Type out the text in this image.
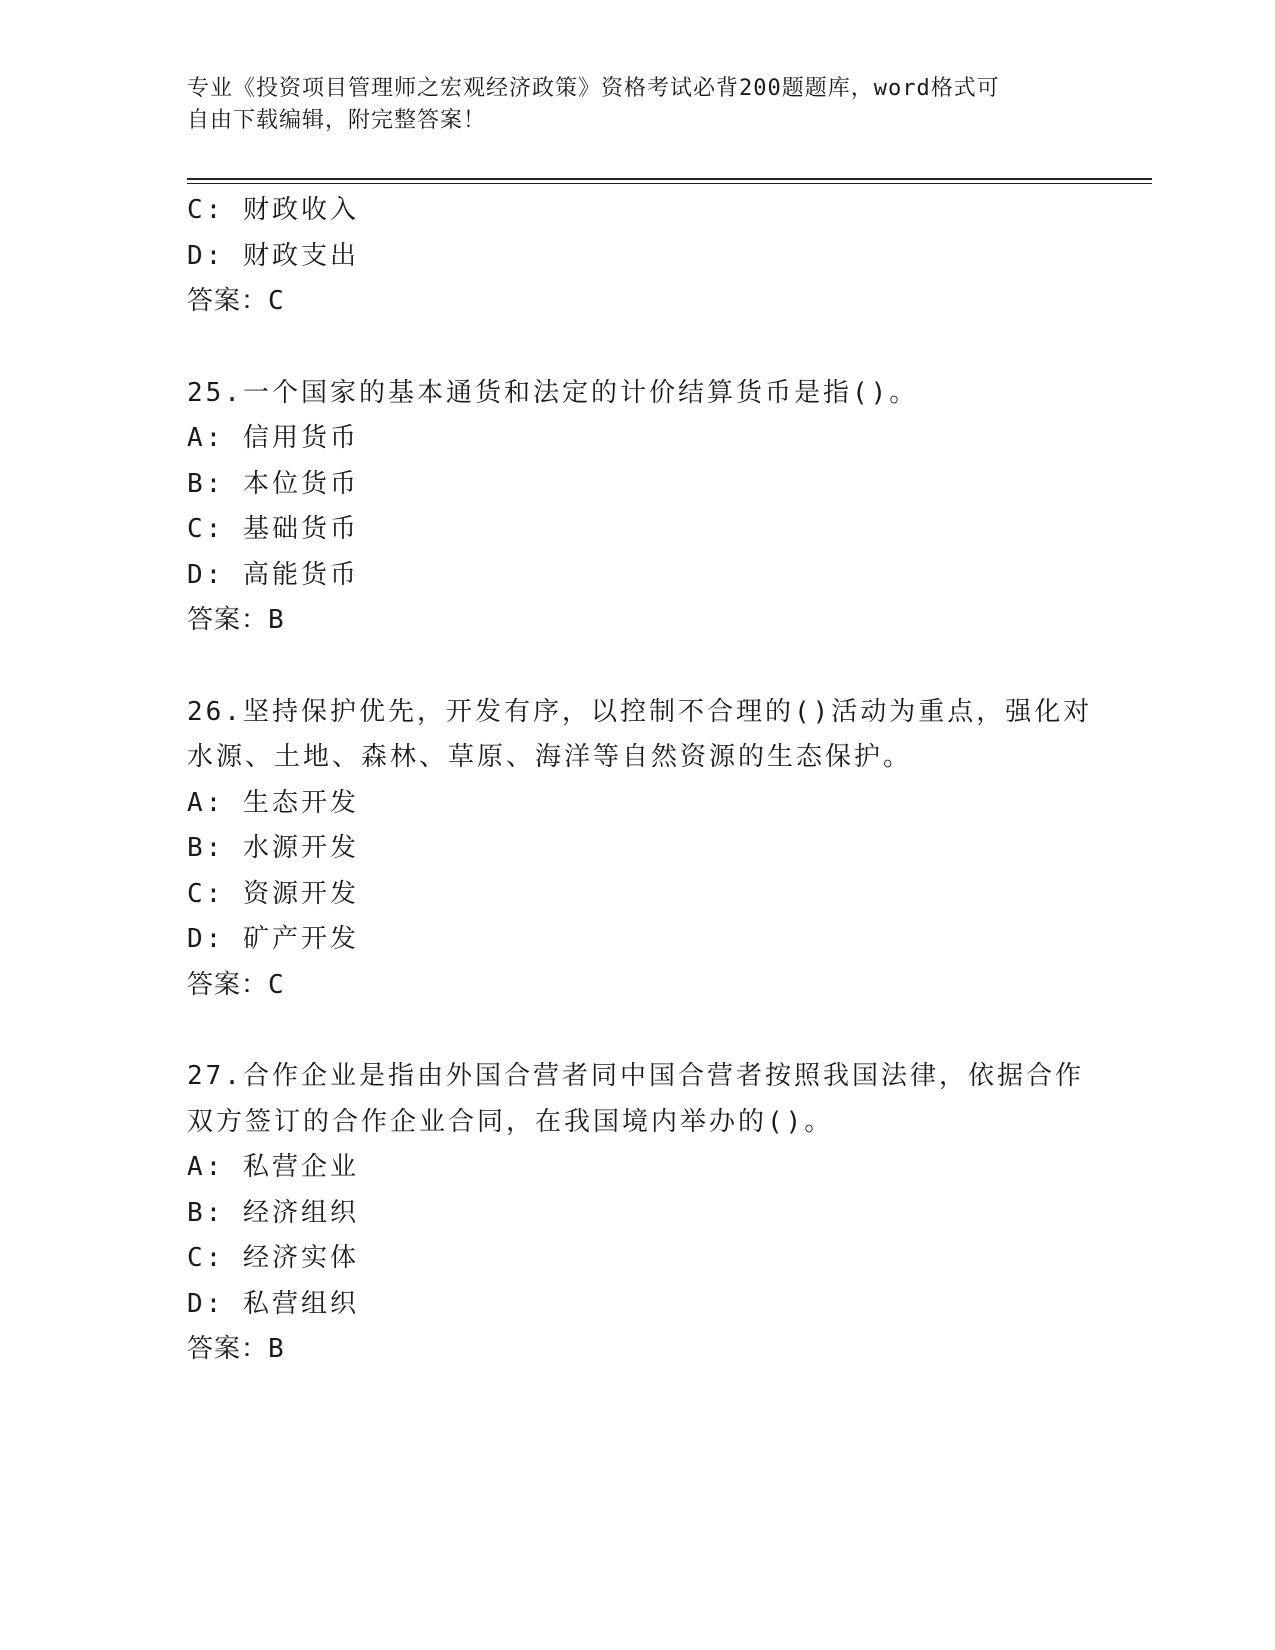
专业《投资项目管理师之宏观经济政策》资格考试必背200题题库，word格式可
自由下载编辑，附完整答案！
C: 财政收入
D: 财政支出
答案：C
25.一个国家的基本通货和法定的计价结算货币是指()。
A: 信用货币
B: 本位货币
C: 基础货币
D: 高能货币
答案：B
26.坚持保护优先，开发有序，以控制不合理的()活动为重点，强化对
水源、土地、森林、草原、海洋等自然资源的生态保护。
A: 生态开发
B: 水源开发
C: 资源开发
D: 矿产开发
答案：C
27.合作企业是指由外国合营者同中国合营者按照我国法律，依据合作
双方签订的合作企业合同，在我国境内举办的()。
A: 私营企业
B: 经济组织
C: 经济实体
D: 私营组织
答案：B
